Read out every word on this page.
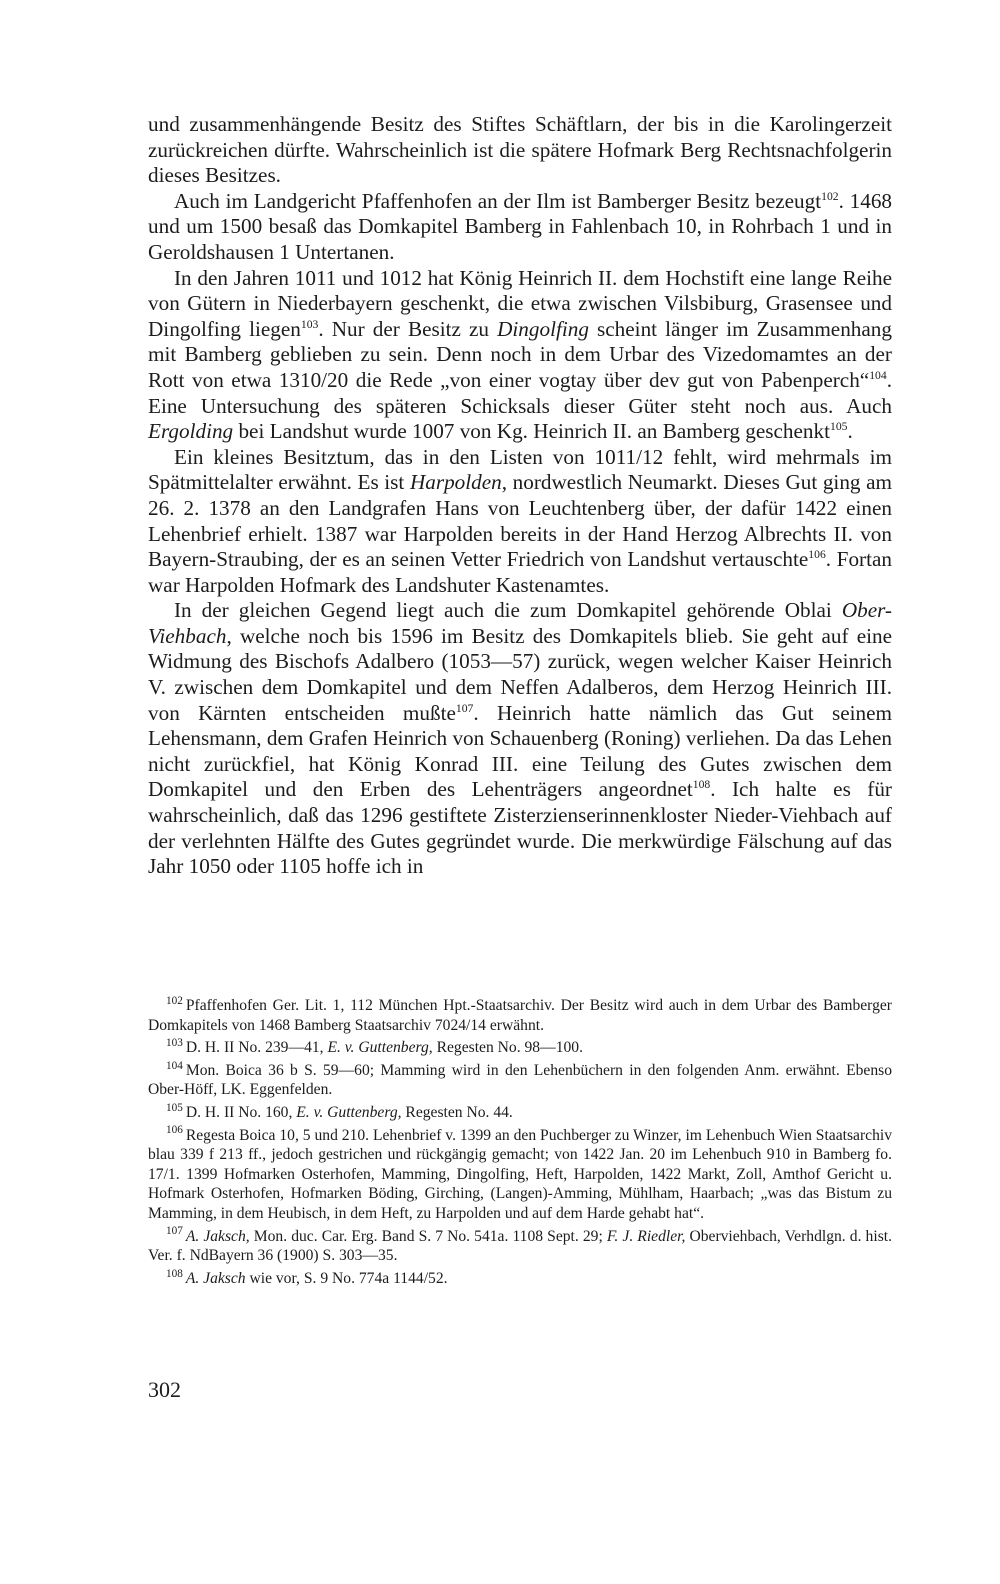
und zusammenhängende Besitz des Stiftes Schäftlarn, der bis in die Karolingerzeit zurückreichen dürfte. Wahrscheinlich ist die spätere Hofmark Berg Rechtsnachfolgerin dieses Besitzes.

Auch im Landgericht Pfaffenhofen an der Ilm ist Bamberger Besitz bezeugt$^{102}$. 1468 und um 1500 besaß das Domkapitel Bamberg in Fahlenbach 10, in Rohrbach 1 und in Geroldshausen 1 Untertanen.

In den Jahren 1011 und 1012 hat König Heinrich II. dem Hochstift eine lange Reihe von Gütern in Niederbayern geschenkt, die etwa zwischen Vilsbiburg, Grasensee und Dingolfing liegen$^{103}$. Nur der Besitz zu Dingolfing scheint länger im Zusammenhang mit Bamberg geblieben zu sein. Denn noch in dem Urbar des Vizedomamtes an der Rott von etwa 1310/20 die Rede „von einer vogtay über dev gut von Pabenperch“$^{104}$. Eine Untersuchung des späteren Schicksals dieser Güter steht noch aus. Auch Ergolding bei Landshut wurde 1007 von Kg. Heinrich II. an Bamberg geschenkt$^{105}$.

Ein kleines Besitztum, das in den Listen von 1011/12 fehlt, wird mehrmals im Spätmittelalter erwähnt. Es ist Harpolden, nordwestlich Neumarkt. Dieses Gut ging am 26. 2. 1378 an den Landgrafen Hans von Leuchtenberg über, der dafür 1422 einen Lehenbrief erhielt. 1387 war Harpolden bereits in der Hand Herzog Albrechts II. von Bayern-Straubing, der es an seinen Vetter Friedrich von Landshut vertauschte$^{106}$. Fortan war Harpolden Hofmark des Landshuter Kastenamtes.

In der gleichen Gegend liegt auch die zum Domkapitel gehörende Oblai Ober-Viehbach, welche noch bis 1596 im Besitz des Domkapitels blieb. Sie geht auf eine Widmung des Bischofs Adalbero (1053—57) zurück, wegen welcher Kaiser Heinrich V. zwischen dem Domkapitel und dem Neffen Adalberos, dem Herzog Heinrich III. von Kärnten entscheiden mußte$^{107}$. Heinrich hatte nämlich das Gut seinem Lehensmann, dem Grafen Heinrich von Schauenberg (Roning) verliehen. Da das Lehen nicht zurückfiel, hat König Konrad III. eine Teilung des Gutes zwischen dem Domkapitel und den Erben des Lehenträgers angeordnet$^{108}$. Ich halte es für wahrscheinlich, daß das 1296 gestiftete Zisterzienserinnenkloster Nieder-Viehbach auf der verlehnten Hälfte des Gutes gegründet wurde. Die merkwürdige Fälschung auf das Jahr 1050 oder 1105 hoffe ich in

$^{102}$ Pfaffenhofen Ger. Lit. 1, 112 München Hpt.-Staatsarchiv. Der Besitz wird auch in dem Urbar des Bamberger Domkapitels von 1468 Bamberg Staatsarchiv 7024/14 erwähnt.

$^{103}$ D. H. II No. 239—41, E. v. Guttenberg, Regesten No. 98—100.

$^{104}$ Mon. Boica 36 b S. 59—60; Mamming wird in den Lehenbüchern in den folgenden Anm. erwähnt. Ebenso Ober-Höff, LK. Eggenfelden.

$^{105}$ D. H. II No. 160, E. v. Guttenberg, Regesten No. 44.

$^{106}$ Regesta Boica 10, 5 und 210. Lehenbrief v. 1399 an den Puchberger zu Winzer, im Lehenbuch Wien Staatsarchiv blau 339 f 213 ff., jedoch gestrichen und rückgängig gemacht; von 1422 Jan. 20 im Lehenbuch 910 in Bamberg fo. 17/1. 1399 Hofmarken Osterhofen, Mamming, Dingolfing, Heft, Harpolden, 1422 Markt, Zoll, Amthof Gericht u. Hofmark Osterhofen, Hofmarken Böding, Girching, (Langen)-Amming, Mühlham, Haarbach; „was das Bistum zu Mamming, in dem Heubisch, in dem Heft, zu Harpolden und auf dem Harde gehabt hat“.

$^{107}$ A. Jaksch, Mon. duc. Car. Erg. Band S. 7 No. 541a. 1108 Sept. 29; F. J. Riedler, Oberviehbach, Verhdlgn. d. hist. Ver. f. NdBayern 36 (1900) S. 303—35.

$^{108}$ A. Jaksch wie vor, S. 9 No. 774a 1144/52.

302
